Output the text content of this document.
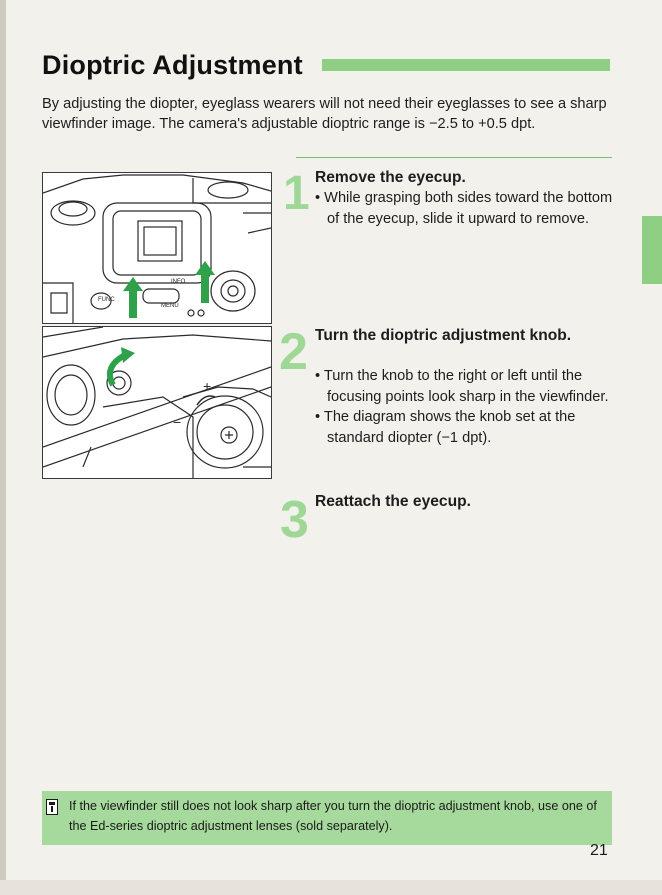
Dioptric Adjustment

By adjusting the diopter, eyeglass wearers will not need their eyeglasses to see a sharp viewfinder image. The camera's adjustable dioptric range is −2.5 to +0.5 dpt.

FUNC
INFO
MENU
+
−
1 Remove the eyecup.
• While grasping both sides toward the bottom of the eyecup, slide it upward to remove.
2 Turn the dioptric adjustment knob.
• Turn the knob to the right or left until the focusing points look sharp in the viewfinder.
• The diagram shows the knob set at the standard diopter (−1 dpt).
3 Reattach the eyecup.

If the viewfinder still does not look sharp after you turn the dioptric adjustment knob, use one of the Ed-series dioptric adjustment lenses (sold separately).

21
